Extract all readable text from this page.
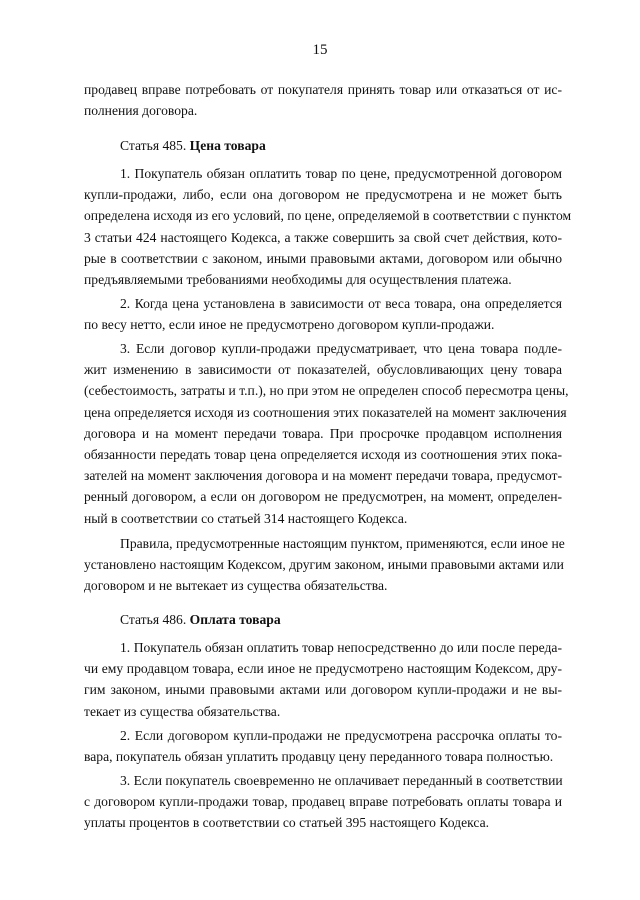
15
продавец вправе потребовать от покупателя принять товар или отказаться от ис-
полнения договора.
Статья 485. Цена товара
1. Покупатель обязан оплатить товар по цене, предусмотренной договором
купли-продажи, либо, если она договором не предусмотрена и не может быть
определена исходя из его условий, по цене, определяемой в соответствии с пунктом
3 статьи 424 настоящего Кодекса, а также совершить за свой счет действия, кото-
рые в соответствии с законом, иными правовыми актами, договором или обычно
предъявляемыми требованиями необходимы для осуществления платежа.
2. Когда цена установлена в зависимости от веса товара, она определяется
по весу нетто, если иное не предусмотрено договором купли-продажи.
3. Если договор купли-продажи предусматривает, что цена товара подле-
жит изменению в зависимости от показателей, обусловливающих цену товара
(себестоимость, затраты и т.п.), но при этом не определен способ пересмотра цены,
цена определяется исходя из соотношения этих показателей на момент заключения
договора и на момент передачи товара. При просрочке продавцом исполнения
обязанности передать товар цена определяется исходя из соотношения этих пока-
зателей на момент заключения договора и на момент передачи товара, предусмот-
ренный договором, а если он договором не предусмотрен, на момент, определен-
ный в соответствии со статьей 314 настоящего Кодекса.
Правила, предусмотренные настоящим пунктом, применяются, если иное не
установлено настоящим Кодексом, другим законом, иными правовыми актами или
договором и не вытекает из существа обязательства.
Статья 486. Оплата товара
1. Покупатель обязан оплатить товар непосредственно до или после переда-
чи ему продавцом товара, если иное не предусмотрено настоящим Кодексом, дру-
гим законом, иными правовыми актами или договором купли-продажи и не вы-
текает из существа обязательства.
2. Если договором купли-продажи не предусмотрена рассрочка оплаты то-
вара, покупатель обязан уплатить продавцу цену переданного товара полностью.
3. Если покупатель своевременно не оплачивает переданный в соответствии
с договором купли-продажи товар, продавец вправе потребовать оплаты товара и
уплаты процентов в соответствии со статьей 395 настоящего Кодекса.
